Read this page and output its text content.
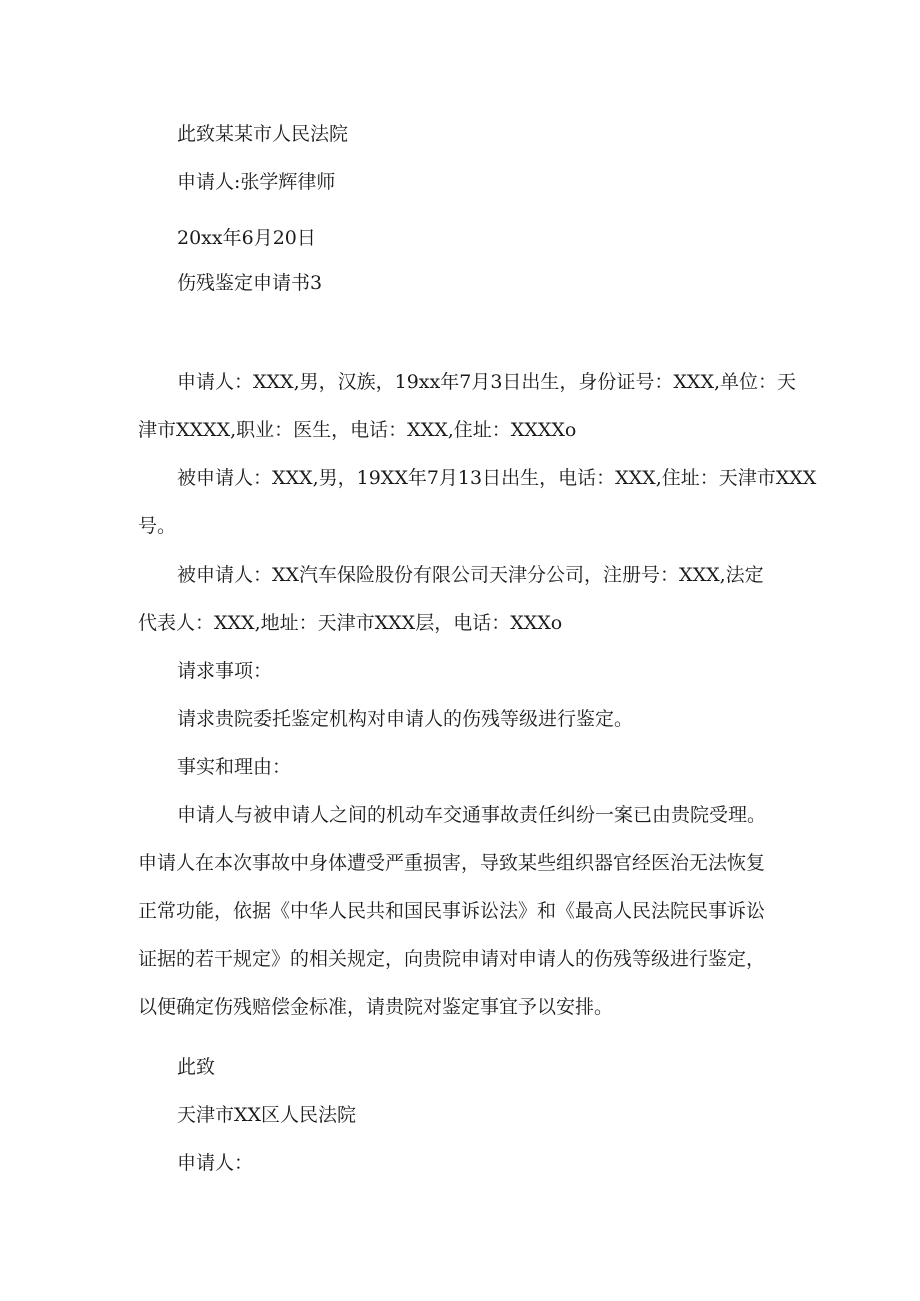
此致某某市人民法院
申请人:张学辉律师
20xx年6月20日
伤残鉴定申请书3
申请人：XXX,男，汉族，19xx年7月3日出生，身份证号：XXX,单位：天
津市XXXX,职业：医生，电话：XXX,住址：XXXXo
被申请人：XXX,男，19XX年7月13日出生，电话：XXX,住址：天津市XXX
号。
被申请人：XX汽车保险股份有限公司天津分公司，注册号：XXX,法定
代表人：XXX,地址：天津市XXX层，电话：XXXo
请求事项：
请求贵院委托鉴定机构对申请人的伤残等级进行鉴定。
事实和理由：
申请人与被申请人之间的机动车交通事故责任纠纷一案已由贵院受理。
申请人在本次事故中身体遭受严重损害，导致某些组织器官经医治无法恢复
正常功能，依据《中华人民共和国民事诉讼法》和《最高人民法院民事诉讼
证据的若干规定》的相关规定，向贵院申请对申请人的伤残等级进行鉴定，
以便确定伤残赔偿金标准，请贵院对鉴定事宜予以安排。
此致
天津市XX区人民法院
申请人：
